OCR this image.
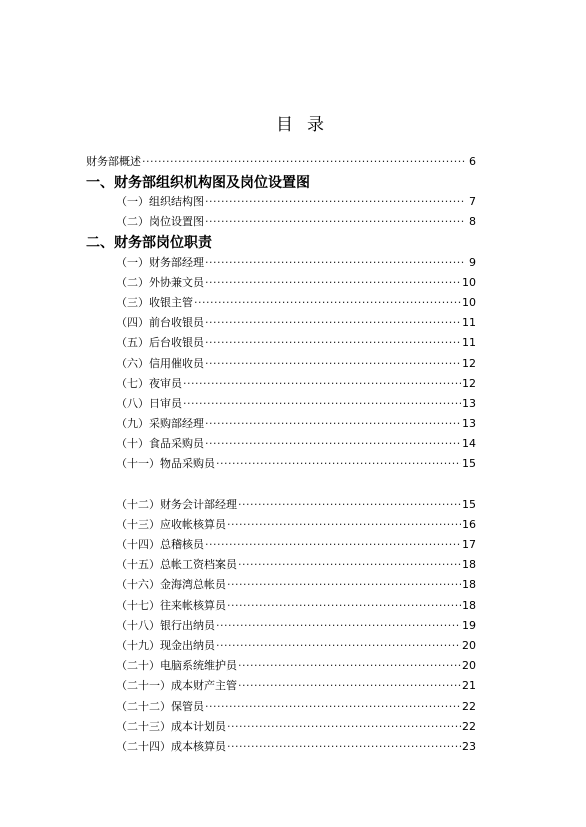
目录
财务部概述 ·····	6
一、财务部组织机构图及岗位设置图
（一）组织结构图 ·····	7
（二）岗位设置图 ·····	8
二、财务部岗位职责
（一）财务部经理 ·····	9
（二）外协兼文员 ·····	10
（三）收银主管 ·····	10
（四）前台收银员 ·····	11
（五）后台收银员 ·····	11
（六）信用催收员 ·····	12
（七）夜审员 ·····	12
（八）日审员 ·····	13
（九）采购部经理 ·····	13
（十）食品采购员 ·····	14
（十一）物品采购员 ·····	15
（十二）财务会计部经理 ·····	15
（十三）应收帐核算员 ·····	16
（十四）总稽核员 ·····	17
（十五）总帐工资档案员 ·····	18
（十六）金海湾总帐员 ·····	18
（十七）往来帐核算员 ·····	18
（十八）银行出纳员 ·····	19
（十九）现金出纳员 ·····	20
（二十）电脑系统维护员 ·····	20
（二十一）成本财产主管 ·····	21
（二十二）保管员 ·····	22
（二十三）成本计划员 ·····	22
（二十四）成本核算员 ·····	23
